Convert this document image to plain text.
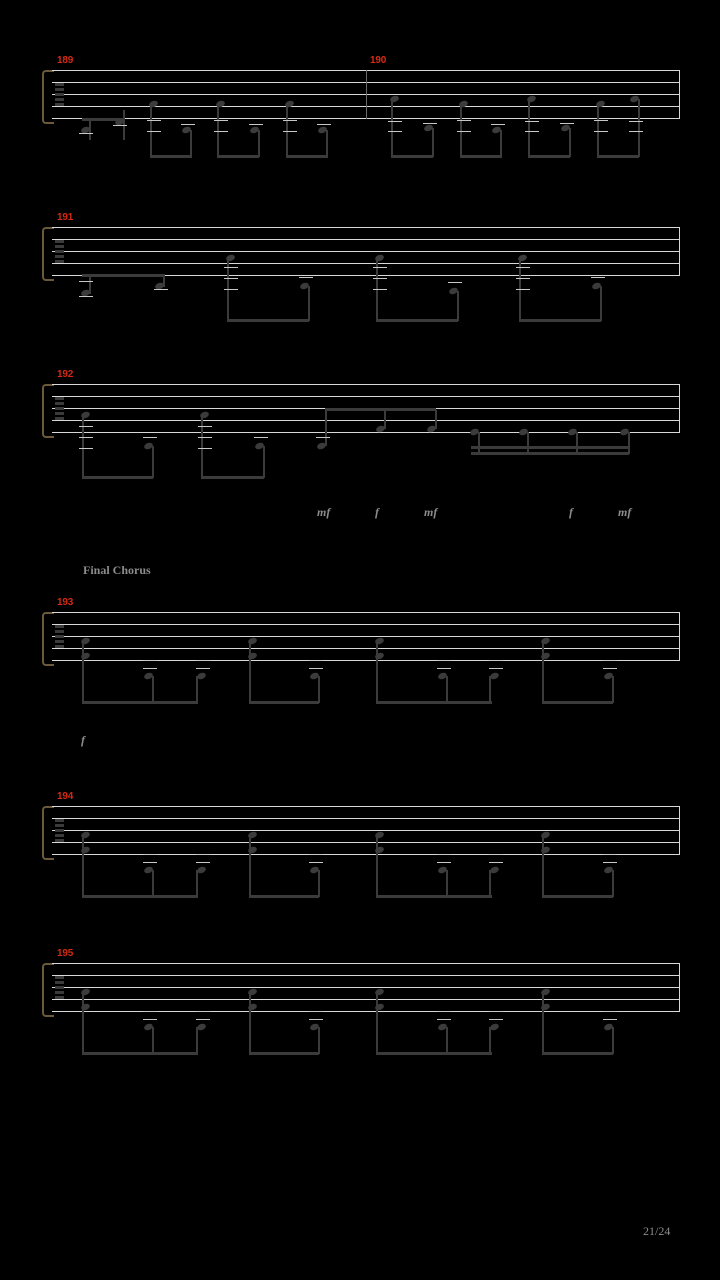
189	190
191
192
mf	f	mf	f	mf
Final Chorus
193
f
194
195
21/24
